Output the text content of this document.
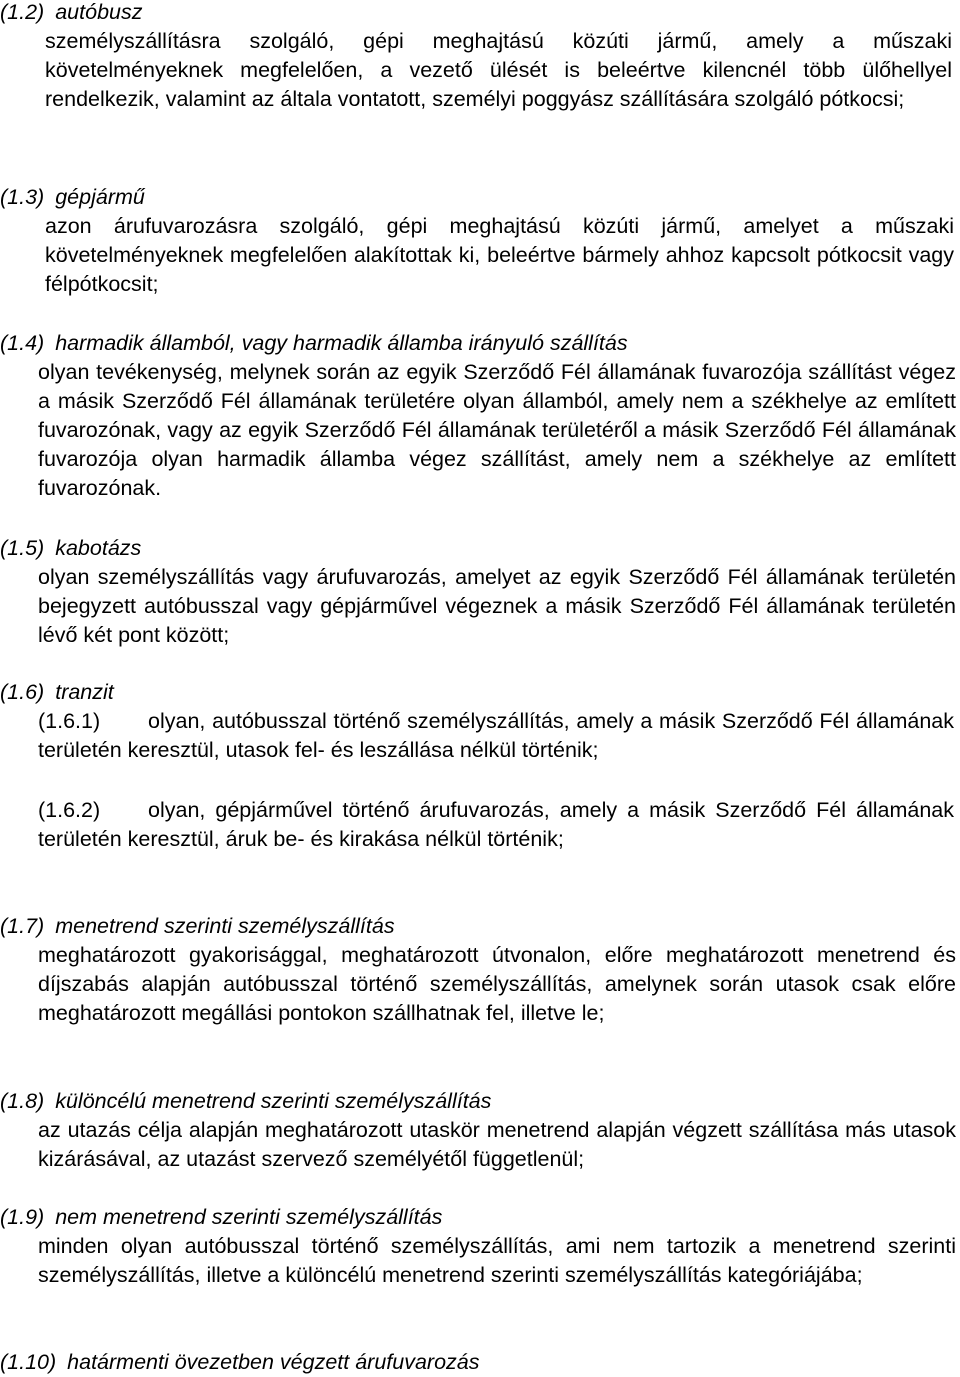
(1.2) autóbusz
személyszállításra szolgáló, gépi meghajtású közúti jármű, amely a műszaki követelményeknek megfelelően, a vezető ülését is beleértve kilencnél több ülőhellyel rendelkezik, valamint az általa vontatott, személyi poggyász szállítására szolgáló pótkocsi;
(1.3) gépjármű
azon árufuvarozásra szolgáló, gépi meghajtású közúti jármű, amelyet a műszaki követelményeknek megfelelően alakítottak ki, beleértve bármely ahhoz kapcsolt pótkocsit vagy félpótkocsit;
(1.4) harmadik államból, vagy harmadik államba irányuló szállítás
olyan tevékenység, melynek során az egyik Szerződő Fél államának fuvarozója szállítást végez a másik Szerződő Fél államának területére olyan államból, amely nem a székhelye az említett fuvarozónak, vagy az egyik Szerződő Fél államának területéről a másik Szerződő Fél államának fuvarozója olyan harmadik államba végez szállítást, amely nem a székhelye az említett fuvarozónak.
(1.5) kabotázs
olyan személyszállítás vagy árufuvarozás, amelyet az egyik Szerződő Fél államának területén bejegyzett autóbusszal vagy gépjárművel végeznek a másik Szerződő Fél államának területén lévő két pont között;
(1.6) tranzit
(1.6.1) olyan, autóbusszal történő személyszállítás, amely a másik Szerződő Fél államának területén keresztül, utasok fel- és leszállása nélkül történik;
(1.6.2) olyan, gépjárművel történő árufuvarozás, amely a másik Szerződő Fél államának területén keresztül, áruk be- és kirakása nélkül történik;
(1.7) menetrend szerinti személyszállítás
meghatározott gyakorisággal, meghatározott útvonalon, előre meghatározott menetrend és díjszabás alapján autóbusszal történő személyszállítás, amelynek során utasok csak előre meghatározott megállási pontokon szállhatnak fel, illetve le;
(1.8) különcélú menetrend szerinti személyszállítás
az utazás célja alapján meghatározott utaskör menetrend alapján végzett szállítása más utasok kizárásával, az utazást szervező személyétől függetlenül;
(1.9) nem menetrend szerinti személyszállítás
minden olyan autóbusszal történő személyszállítás, ami nem tartozik a menetrend szerinti személyszállítás, illetve a különcélú menetrend szerinti személyszállítás kategóriájába;
(1.10) határmenti övezetben végzett árufuvarozás
